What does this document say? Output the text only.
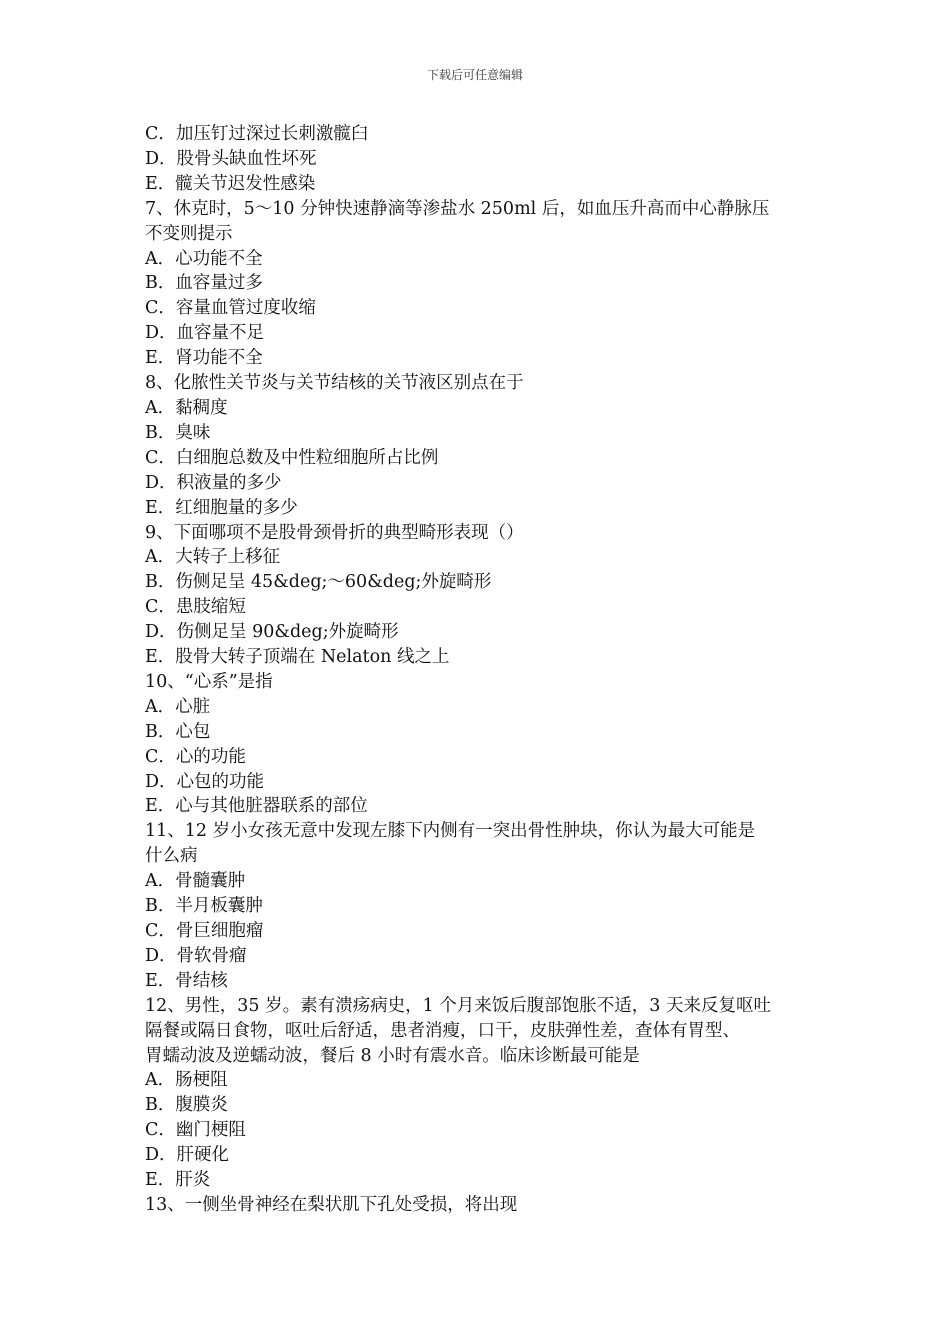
下载后可任意编辑

C．加压钉过深过长刺激髋臼

D．股骨头缺血性坏死

E．髋关节迟发性感染

7、休克时，5～10 分钟快速静滴等渗盐水 250ml 后，如血压升高而中心静脉压

不变则提示

A．心功能不全

B．血容量过多

C．容量血管过度收缩

D．血容量不足

E．肾功能不全

8、化脓性关节炎与关节结核的关节液区别点在于

A．黏稠度

B．臭味

C．白细胞总数及中性粒细胞所占比例

D．积液量的多少

E．红细胞量的多少

9、下面哪项不是股骨颈骨折的典型畸形表现（）

A．大转子上移征

B．伤侧足呈 45&deg;～60&deg;外旋畸形

C．患肢缩短

D．伤侧足呈 90&deg;外旋畸形

E．股骨大转子顶端在 Nelaton 线之上

10、“心系”是指

A．心脏

B．心包

C．心的功能

D．心包的功能

E．心与其他脏器联系的部位

11、12 岁小女孩无意中发现左膝下内侧有一突出骨性肿块，你认为最大可能是

什么病

A．骨髓囊肿

B．半月板囊肿

C．骨巨细胞瘤

D．骨软骨瘤

E．骨结核

12、男性，35 岁。素有溃疡病史，1 个月来饭后腹部饱胀不适，3 天来反复呕吐

隔餐或隔日食物，呕吐后舒适，患者消瘦，口干，皮肤弹性差，查体有胃型、

胃蠕动波及逆蠕动波，餐后 8 小时有震水音。临床诊断最可能是

A．肠梗阻

B．腹膜炎

C．幽门梗阻

D．肝硬化

E．肝炎

13、一侧坐骨神经在梨状肌下孔处受损，将出现
